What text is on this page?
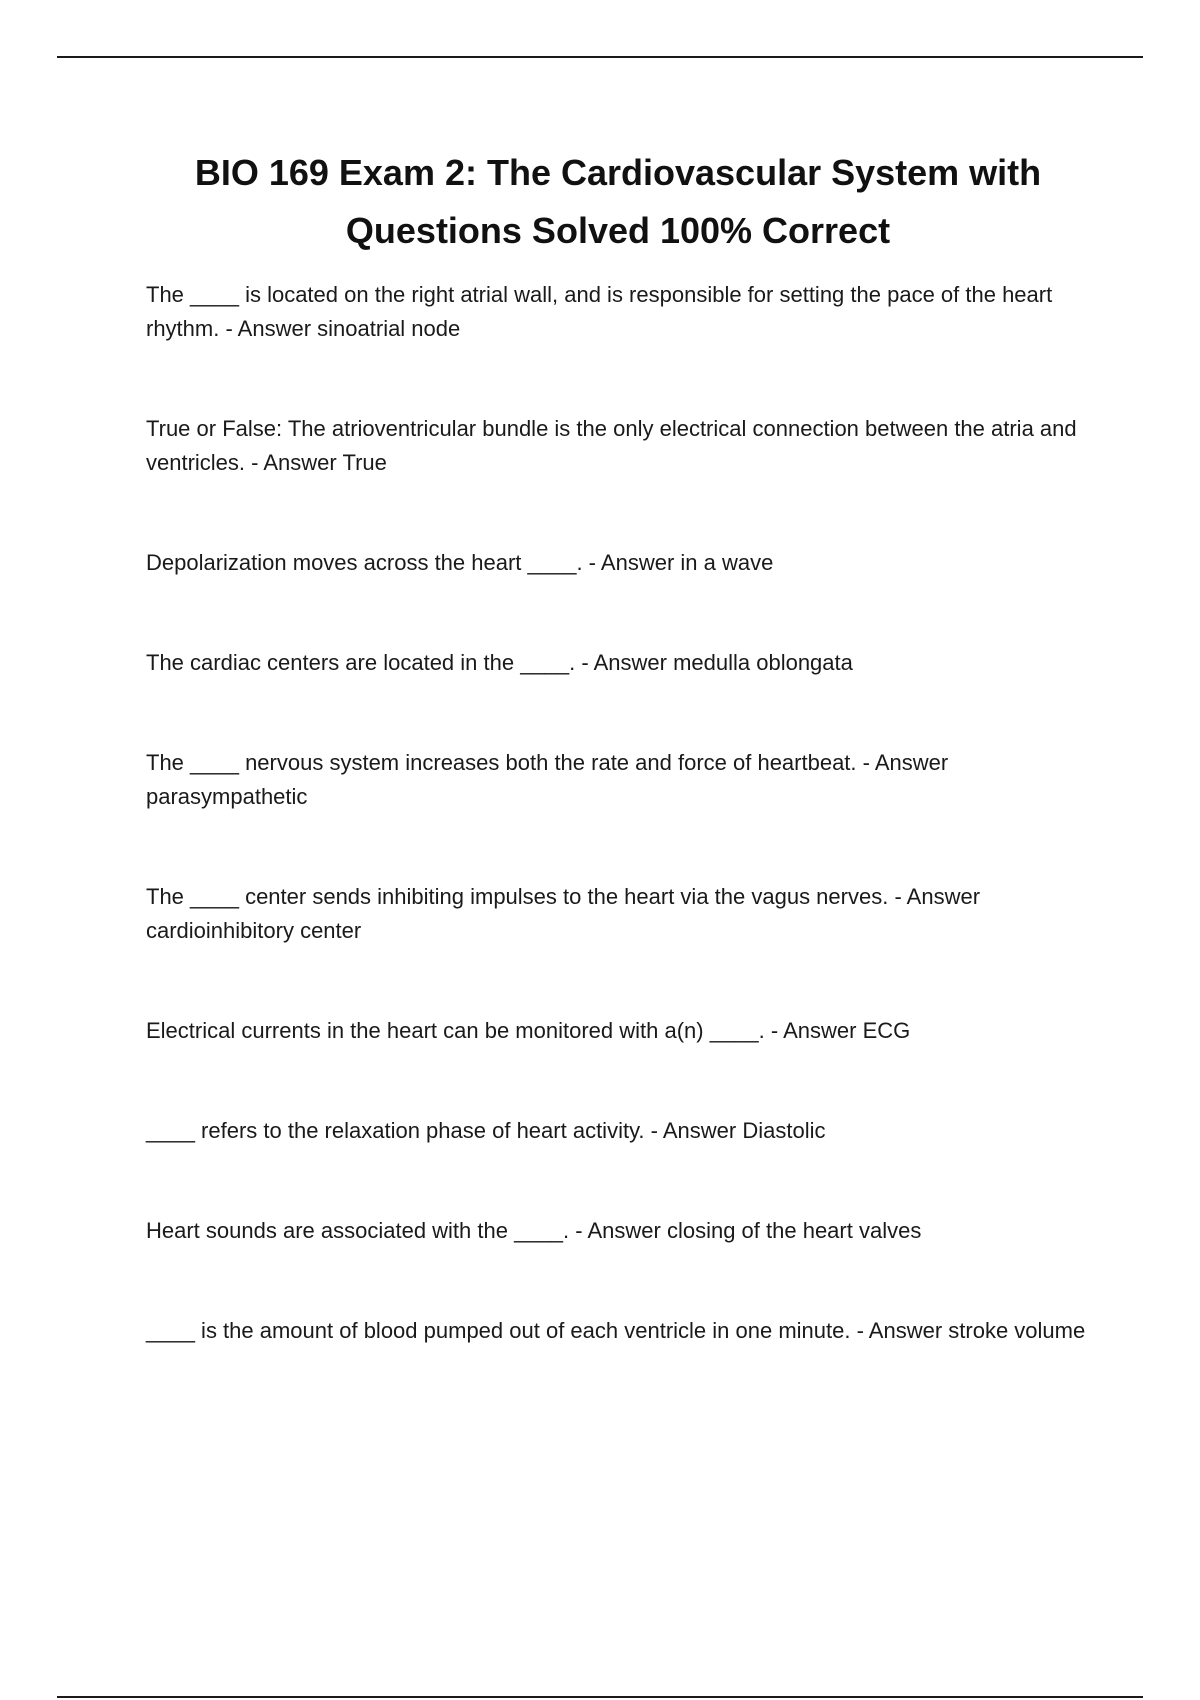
BIO 169 Exam 2: The Cardiovascular System with Questions Solved 100% Correct
The ____ is located on the right atrial wall, and is responsible for setting the pace of the heart rhythm. - Answer sinoatrial node
True or False: The atrioventricular bundle is the only electrical connection between the atria and ventricles. - Answer True
Depolarization moves across the heart ____. - Answer in a wave
The cardiac centers are located in the ____. - Answer medulla oblongata
The ____ nervous system increases both the rate and force of heartbeat. - Answer parasympathetic
The ____ center sends inhibiting impulses to the heart via the vagus nerves. - Answer cardioinhibitory center
Electrical currents in the heart can be monitored with a(n) ____. - Answer ECG
____ refers to the relaxation phase of heart activity. - Answer Diastolic
Heart sounds are associated with the ____. - Answer closing of the heart valves
____ is the amount of blood pumped out of each ventricle in one minute. - Answer stroke volume
